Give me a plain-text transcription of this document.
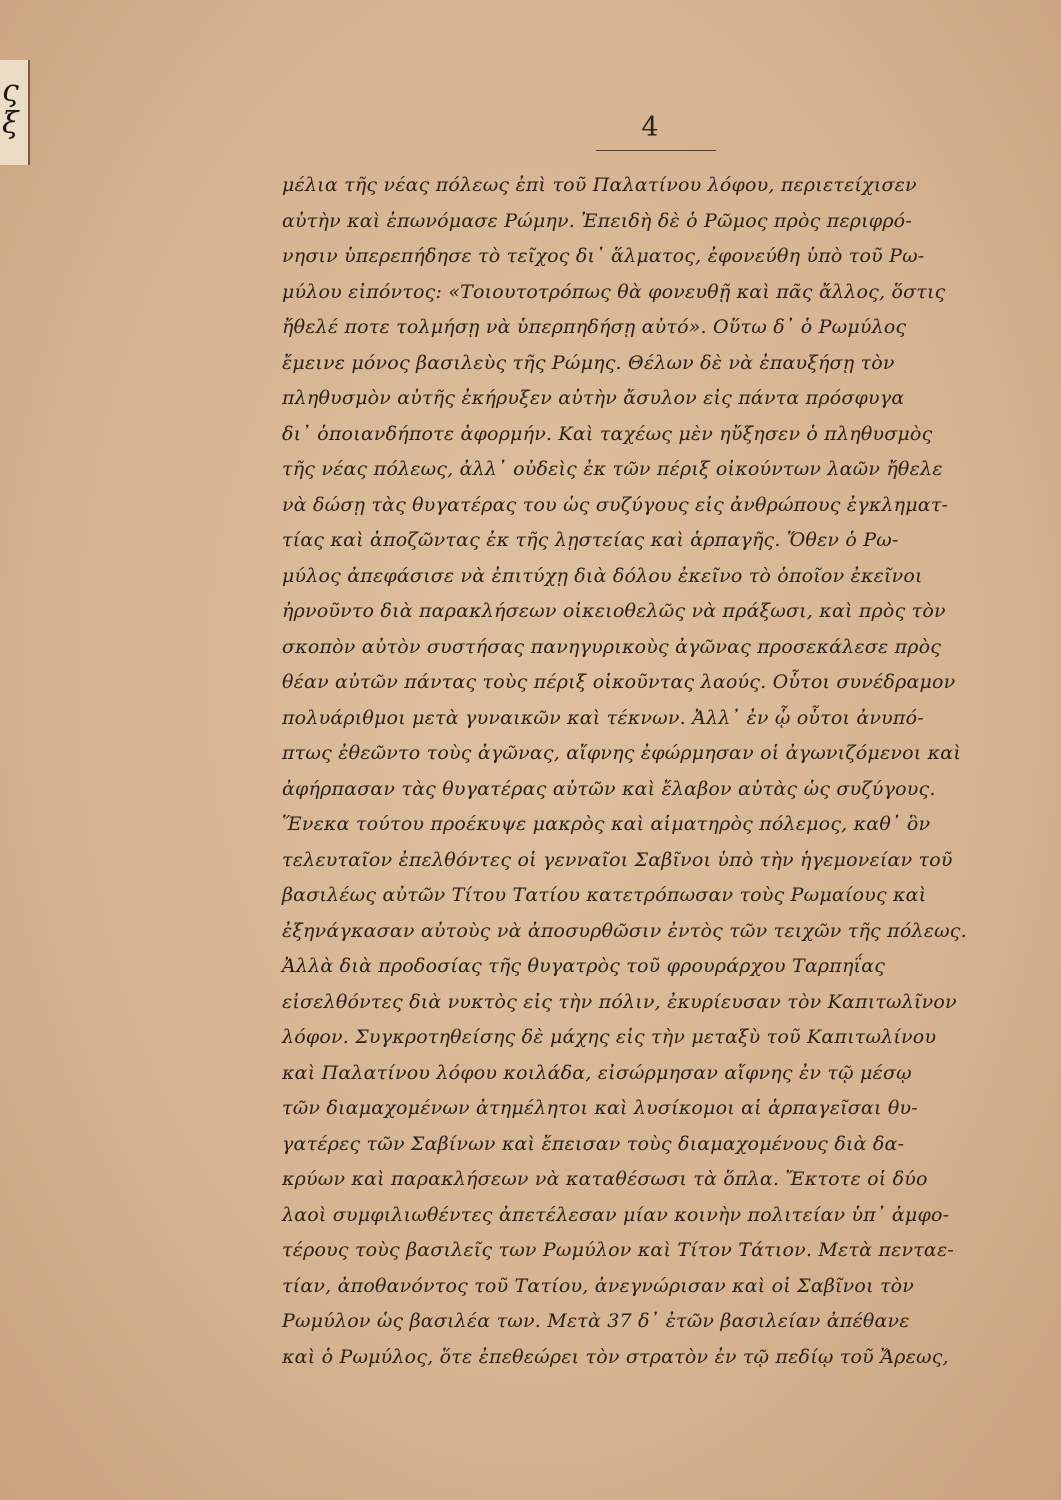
ς
ξ	4
μέλια τῆς νέας πόλεως ἐπὶ τοῦ Παλατίνου λόφου, περιετείχισεν
αὐτὴν καὶ ἐπωνόμασε Ρώμην. Ἐπειδὴ δὲ ὁ Ρῶμος πρὸς περιφρό-
νησιν ὑπερεπήδησε τὸ τεῖχος δι᾽ ἅλματος, ἐφονεύθη ὑπὸ τοῦ Ρω-
μύλου εἰπόντος: «Τοιουτοτρόπως θὰ φονευθῇ καὶ πᾶς ἄλλος, ὅστις
ἤθελέ ποτε τολμήσῃ νὰ ὑπερπηδήσῃ αὐτό». Οὕτω δ᾽ ὁ Ρωμύλος
ἔμεινε μόνος βασιλεὺς τῆς Ρώμης. Θέλων δὲ νὰ ἐπαυξήσῃ τὸν
πληθυσμὸν αὐτῆς ἐκήρυξεν αὐτὴν ἄσυλον εἰς πάντα πρόσφυγα
δι᾽ ὁποιανδήποτε ἀφορμήν. Καὶ ταχέως μὲν ηὔξησεν ὁ πληθυσμὸς
τῆς νέας πόλεως, ἀλλ᾽ οὐδεὶς ἐκ τῶν πέριξ οἰκούντων λαῶν ἤθελε
νὰ δώσῃ τὰς θυγατέρας του ὡς συζύγους εἰς ἀνθρώπους ἐγκληματ-
τίας καὶ ἀποζῶντας ἐκ τῆς λῃστείας καὶ ἁρπαγῆς. Ὅθεν ὁ Ρω-
μύλος ἀπεφάσισε νὰ ἐπιτύχῃ διὰ δόλου ἐκεῖνο τὸ ὁποῖον ἐκεῖνοι
ἠρνοῦντο διὰ παρακλήσεων οἰκειοθελῶς νὰ πράξωσι, καὶ πρὸς τὸν
σκοπὸν αὐτὸν συστήσας πανηγυρικοὺς ἀγῶνας προσεκάλεσε πρὸς
θέαν αὐτῶν πάντας τοὺς πέριξ οἰκοῦντας λαούς. Οὗτοι συνέδραμον
πολυάριθμοι μετὰ γυναικῶν καὶ τέκνων. Ἀλλ᾽ ἐν ᾧ οὗτοι ἀνυπό-
πτως ἐθεῶντο τοὺς ἀγῶνας, αἴφνης ἐφώρμησαν οἱ ἀγωνιζόμενοι καὶ
ἀφήρπασαν τὰς θυγατέρας αὐτῶν καὶ ἔλαβον αὐτὰς ὡς συζύγους.
Ἕνεκα τούτου προέκυψε μακρὸς καὶ αἱματηρὸς πόλεμος, καθ᾽ ὃν
τελευταῖον ἐπελθόντες οἱ γενναῖοι Σαβῖνοι ὑπὸ τὴν ἡγεμονείαν τοῦ
βασιλέως αὐτῶν Τίτου Τατίου κατετρόπωσαν τοὺς Ρωμαίους καὶ
ἐξηνάγκασαν αὐτοὺς νὰ ἀποσυρθῶσιν ἐντὸς τῶν τειχῶν τῆς πόλεως.
Ἀλλὰ διὰ προδοσίας τῆς θυγατρὸς τοῦ φρουράρχου Ταρπηΐας
εἰσελθόντες διὰ νυκτὸς εἰς τὴν πόλιν, ἐκυρίευσαν τὸν Καπιτωλῖνον
λόφον. Συγκροτηθείσης δὲ μάχης εἰς τὴν μεταξὺ τοῦ Καπιτωλίνου
καὶ Παλατίνου λόφου κοιλάδα, εἰσώρμησαν αἴφνης ἐν τῷ μέσῳ
τῶν διαμαχομένων ἀτημέλητοι καὶ λυσίκομοι αἱ ἁρπαγεῖσαι θυ-
γατέρες τῶν Σαβίνων καὶ ἔπεισαν τοὺς διαμαχομένους διὰ δα-
κρύων καὶ παρακλήσεων νὰ καταθέσωσι τὰ ὅπλα. Ἔκτοτε οἱ δύο
λαοὶ συμφιλιωθέντες ἀπετέλεσαν μίαν κοινὴν πολιτείαν ὑπ᾽ ἀμφο-
τέρους τοὺς βασιλεῖς των Ρωμύλον καὶ Τίτον Τάτιον. Μετὰ πενταε-
τίαν, ἀποθανόντος τοῦ Τατίου, ἀνεγνώρισαν καὶ οἱ Σαβῖνοι τὸν
Ρωμύλον ὡς βασιλέα των. Μετὰ 37 δ᾽ ἐτῶν βασιλείαν ἀπέθανε
καὶ ὁ Ρωμύλος, ὅτε ἐπεθεώρει τὸν στρατὸν ἐν τῷ πεδίῳ τοῦ Ἄρεως,
